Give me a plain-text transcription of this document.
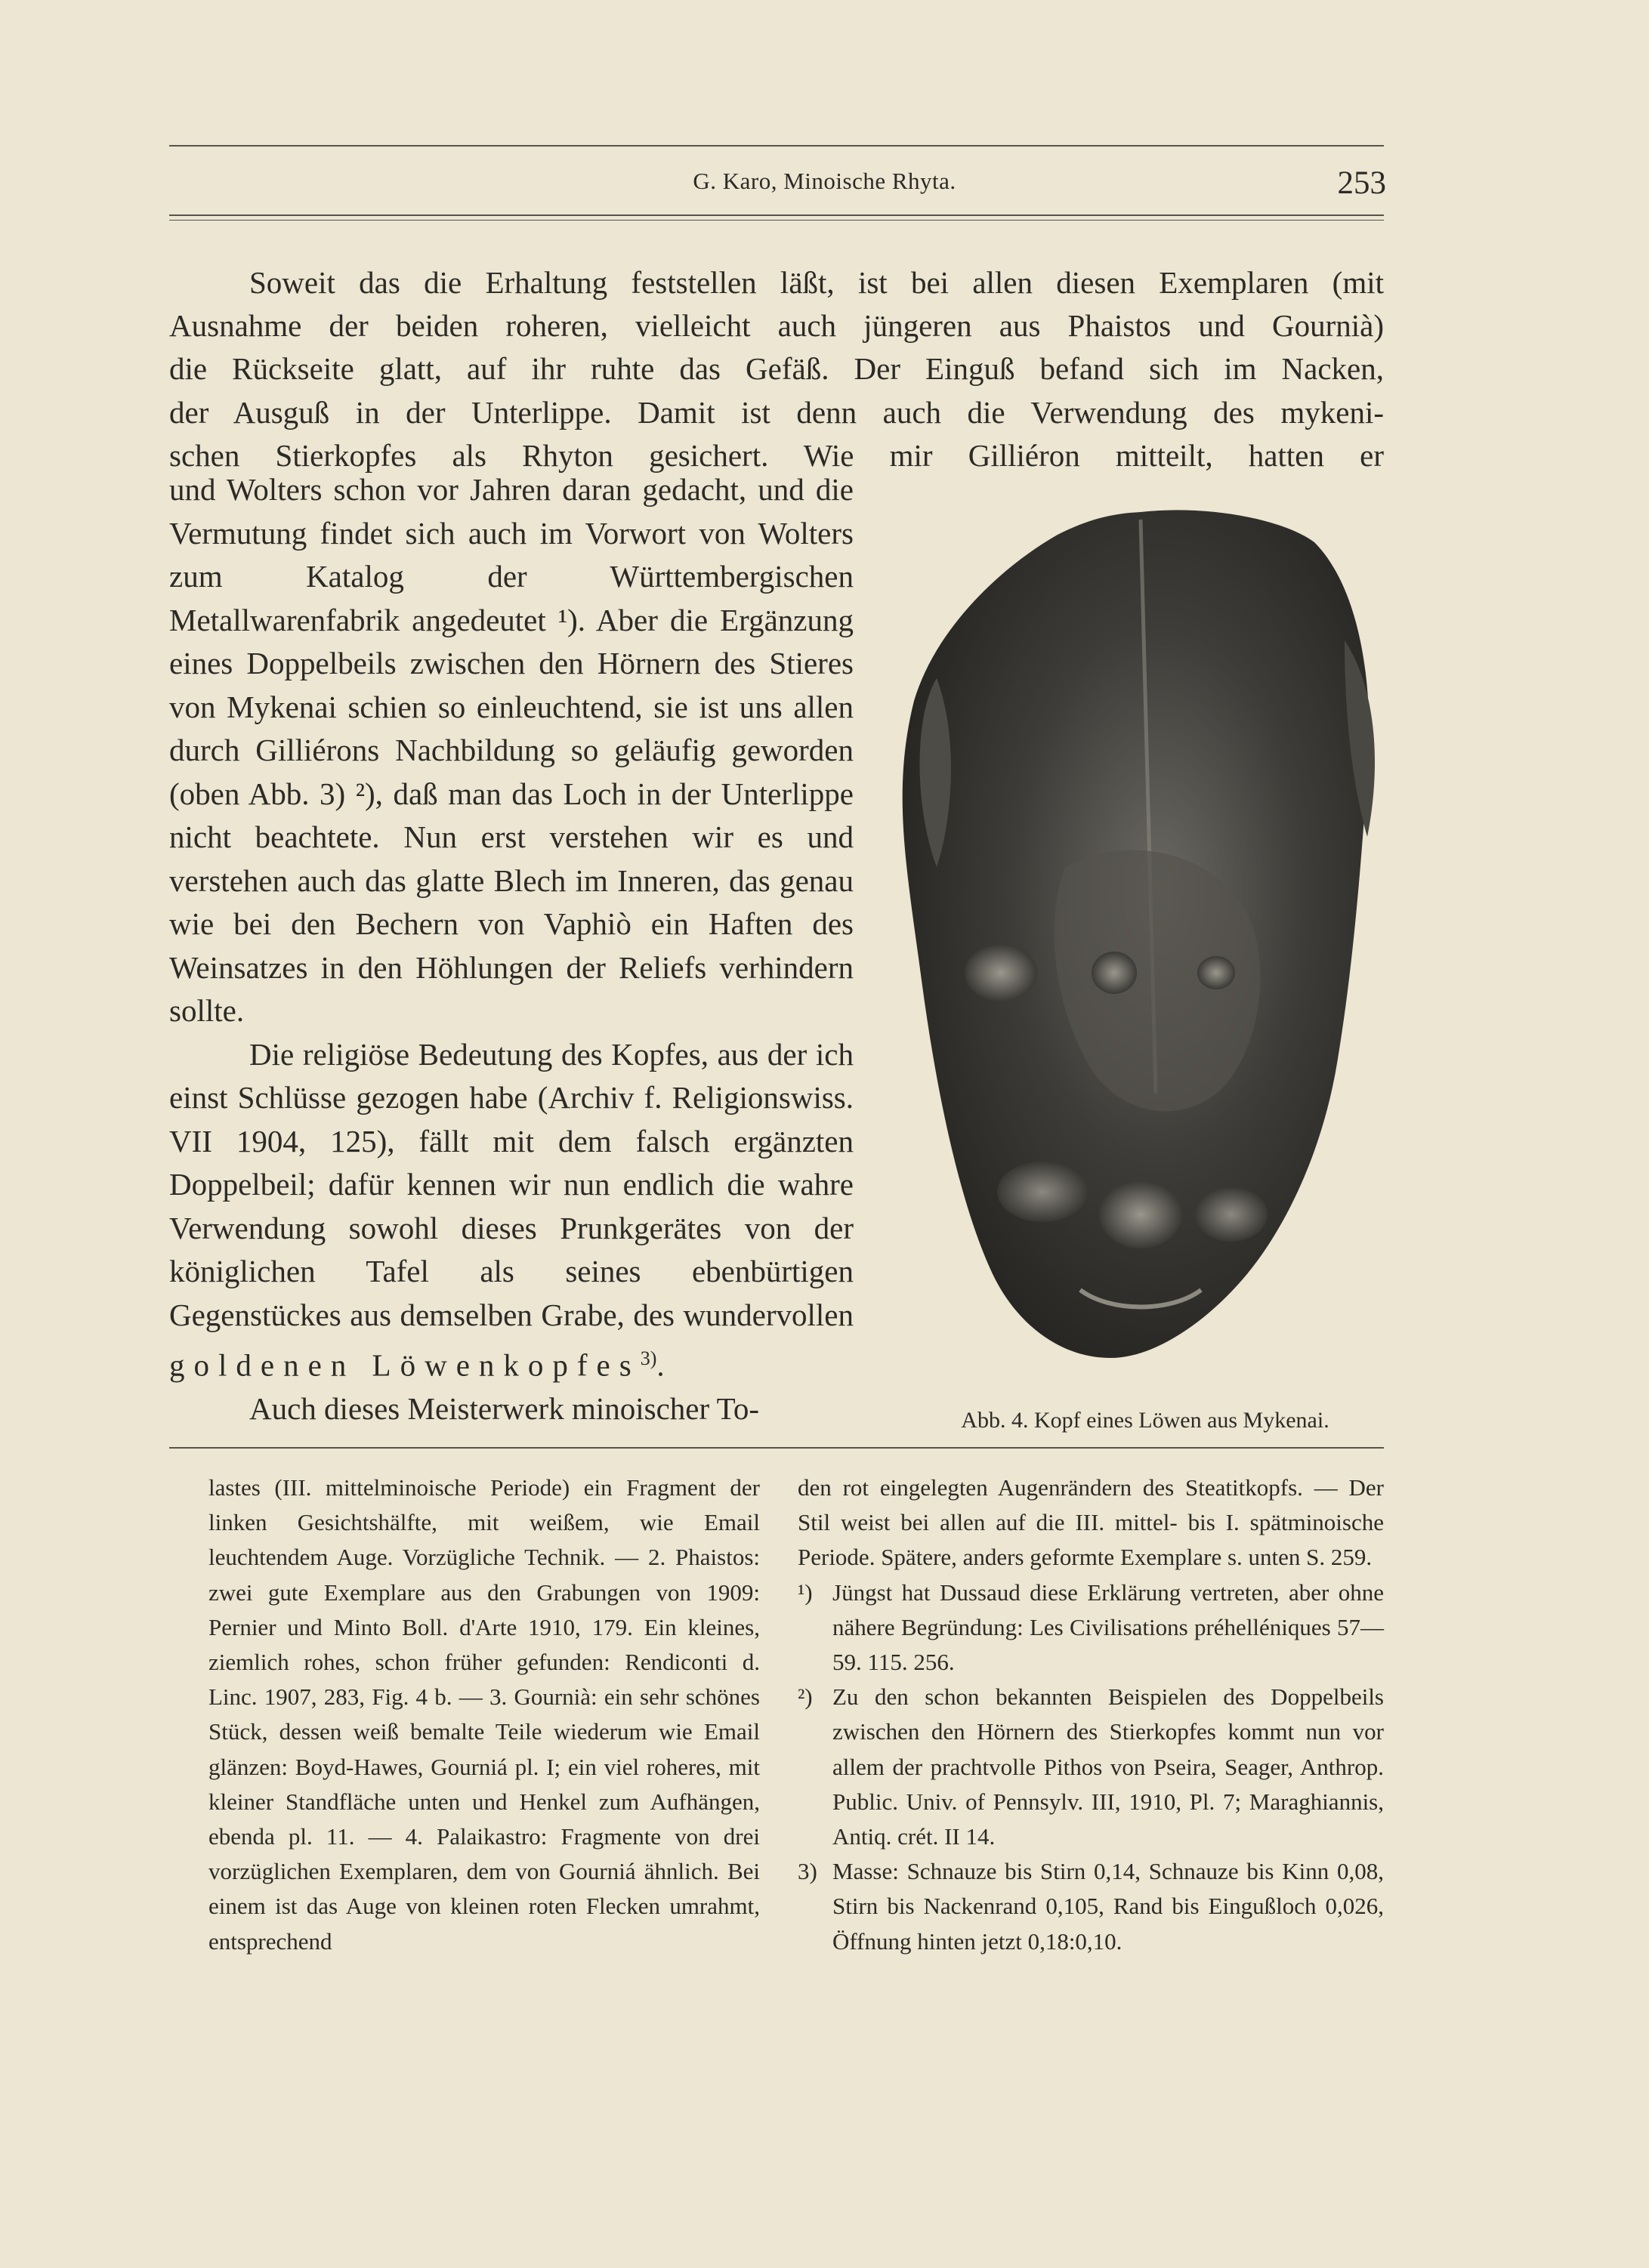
G. Karo, Minoische Rhyta.	253

Soweit das die Erhaltung feststellen läßt, ist bei allen diesen Exemplaren (mit

Ausnahme der beiden roheren, vielleicht auch jüngeren aus Phaistos und Gournià)

die Rückseite glatt, auf ihr ruhte das Gefäß. Der Einguß befand sich im Nacken,

der Ausguß in der Unterlippe. Damit ist denn auch die Verwendung des mykeni-

schen Stierkopfes als Rhyton gesichert. Wie mir Gilliéron mitteilt, hatten er

und Wolters schon vor Jahren daran gedacht, und die Vermutung findet sich auch im Vorwort von Wolters zum Katalog der Württembergischen Metallwarenfabrik angedeutet ¹). Aber die Ergänzung eines Doppelbeils zwischen den Hörnern des Stieres von Mykenai schien so einleuchtend, sie ist uns allen durch Gilliérons Nachbildung so geläufig geworden (oben Abb. 3) ²), daß man das Loch in der Unterlippe nicht beachtete. Nun erst verstehen wir es und verstehen auch das glatte Blech im Inneren, das genau wie bei den Bechern von Vaphiò ein Haften des Weinsatzes in den Höhlungen der Reliefs verhindern sollte.

Die religiöse Bedeutung des Kopfes, aus der ich einst Schlüsse gezogen habe (Archiv f. Religionswiss. VII 1904, 125), fällt mit dem falsch ergänzten Doppelbeil; dafür kennen wir nun endlich die wahre Verwendung sowohl dieses Prunkgerätes von der königlichen Tafel als seines ebenbürtigen Gegenstückes aus demselben Grabe, des wundervollen goldenen Löwenkopfes$^{3)}$.

Auch dieses Meisterwerk minoischer To-	Abb. 4. Kopf eines Löwen aus Mykenai.

lastes (III. mittelminoische Periode) ein Fragment der linken Gesichtshälfte, mit weißem, wie Email leuchtendem Auge. Vorzügliche Technik. — 2. Phaistos: zwei gute Exemplare aus den Grabungen von 1909: Pernier und Minto Boll. d'Arte 1910, 179. Ein kleines, ziemlich rohes, schon früher gefunden: Rendiconti d. Linc. 1907, 283, Fig. 4 b. — 3. Gournià: ein sehr schönes Stück, dessen weiß bemalte Teile wiederum wie Email glänzen: Boyd-Hawes, Gourniá pl. I; ein viel roheres, mit kleiner Standfläche unten und Henkel zum Aufhängen, ebenda pl. 11. — 4. Palaikastro: Fragmente von drei vorzüglichen Exemplaren, dem von Gourniá ähnlich. Bei einem ist das Auge von kleinen roten Flecken umrahmt, entsprechend

den rot eingelegten Augenrändern des Steatitkopfs. — Der Stil weist bei allen auf die III. mittel- bis I. spätminoische Periode. Spätere, anders geformte Exemplare s. unten S. 259.

¹) Jüngst hat Dussaud diese Erklärung vertreten, aber ohne nähere Begründung: Les Civilisations préhelléniques 57—59. 115. 256.

²) Zu den schon bekannten Beispielen des Doppelbeils zwischen den Hörnern des Stierkopfes kommt nun vor allem der prachtvolle Pithos von Pseira, Seager, Anthrop. Public. Univ. of Pennsylv. III, 1910, Pl. 7; Maraghiannis, Antiq. crét. II 14.

3) Masse: Schnauze bis Stirn 0,14, Schnauze bis Kinn 0,08, Stirn bis Nackenrand 0,105, Rand bis Eingußloch 0,026, Öffnung hinten jetzt 0,18:0,10.
